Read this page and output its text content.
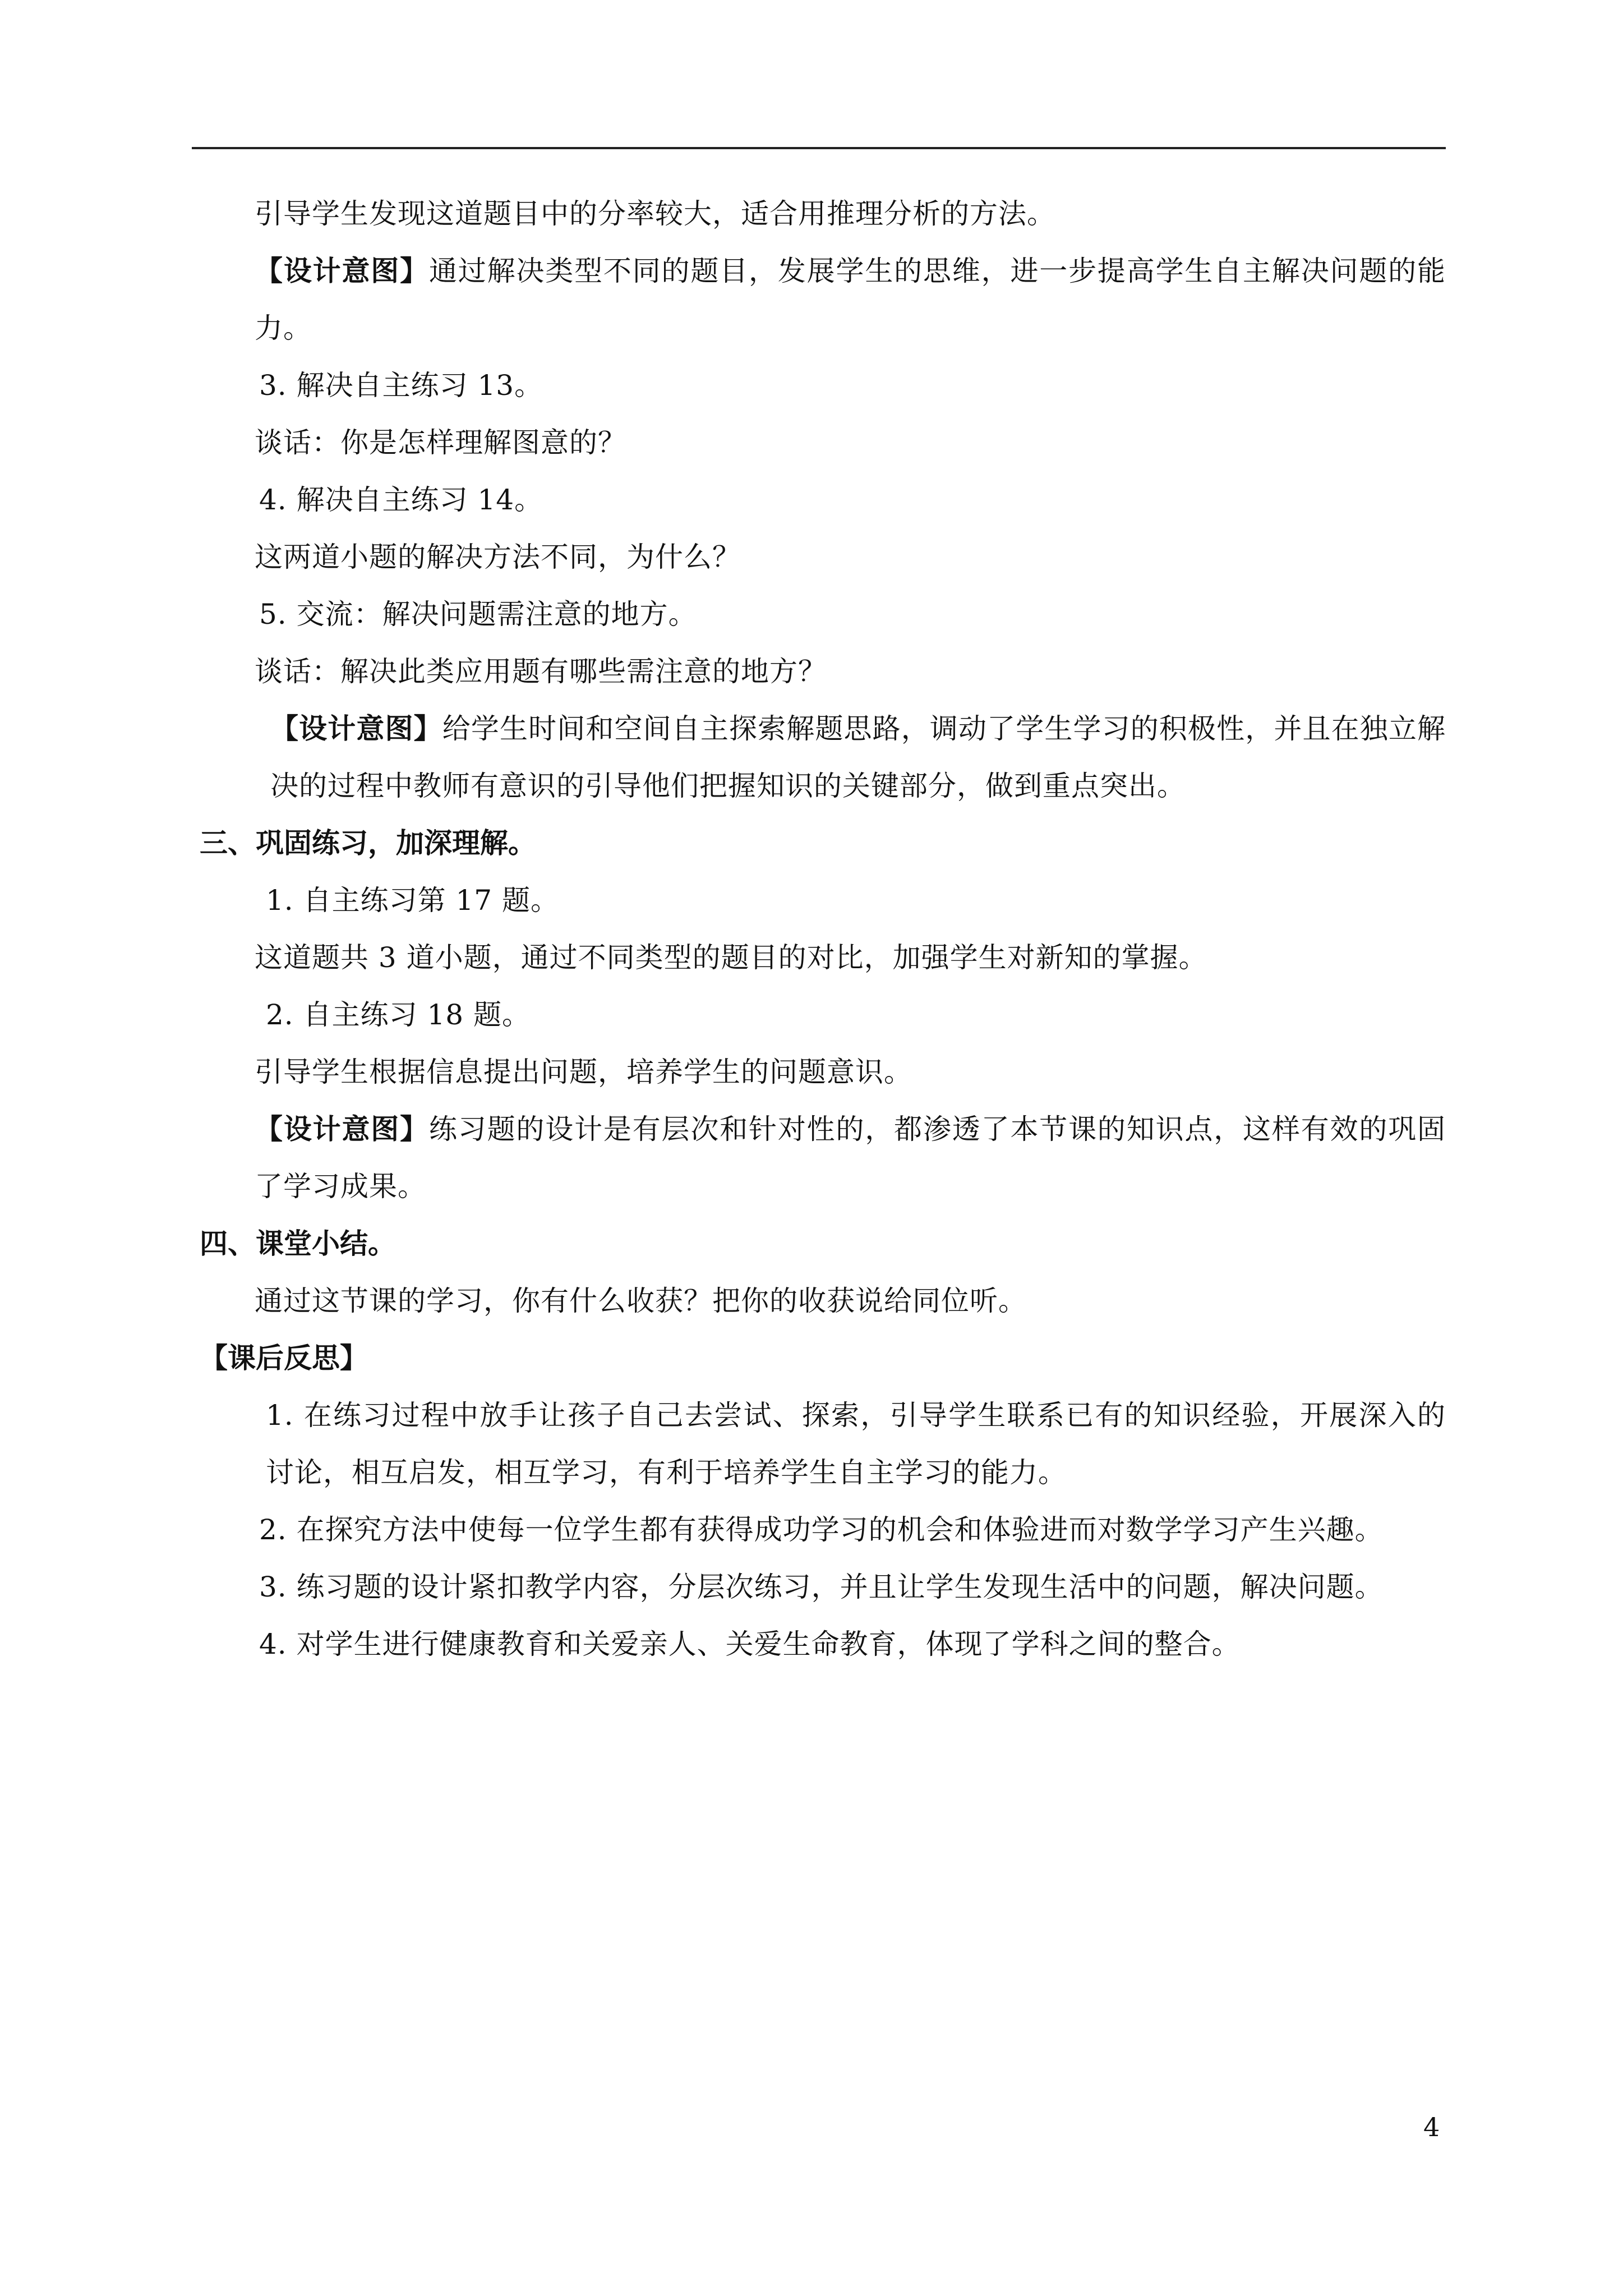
引导学生发现这道题目中的分率较大，适合用推理分析的方法。

【设计意图】通过解决类型不同的题目，发展学生的思维，进一步提高学生自主解决问题的能力。

3. 解决自主练习 13。

谈话：你是怎样理解图意的？

4. 解决自主练习 14。

这两道小题的解决方法不同，为什么？

5. 交流：解决问题需注意的地方。

谈话：解决此类应用题有哪些需注意的地方？

【设计意图】给学生时间和空间自主探索解题思路，调动了学生学习的积极性，并且在独立解决的过程中教师有意识的引导他们把握知识的关键部分，做到重点突出。

三、巩固练习，加深理解。

1. 自主练习第 17 题。

这道题共 3 道小题，通过不同类型的题目的对比，加强学生对新知的掌握。

2. 自主练习 18 题。

引导学生根据信息提出问题，培养学生的问题意识。

【设计意图】练习题的设计是有层次和针对性的，都渗透了本节课的知识点，这样有效的巩固了学习成果。

四、课堂小结。

通过这节课的学习，你有什么收获？把你的收获说给同位听。

【课后反思】

1. 在练习过程中放手让孩子自己去尝试、探索，引导学生联系已有的知识经验，开展深入的讨论，相互启发，相互学习，有利于培养学生自主学习的能力。

2. 在探究方法中使每一位学生都有获得成功学习的机会和体验进而对数学学习产生兴趣。

3. 练习题的设计紧扣教学内容，分层次练习，并且让学生发现生活中的问题，解决问题。

4. 对学生进行健康教育和关爱亲人、关爱生命教育，体现了学科之间的整合。

4
